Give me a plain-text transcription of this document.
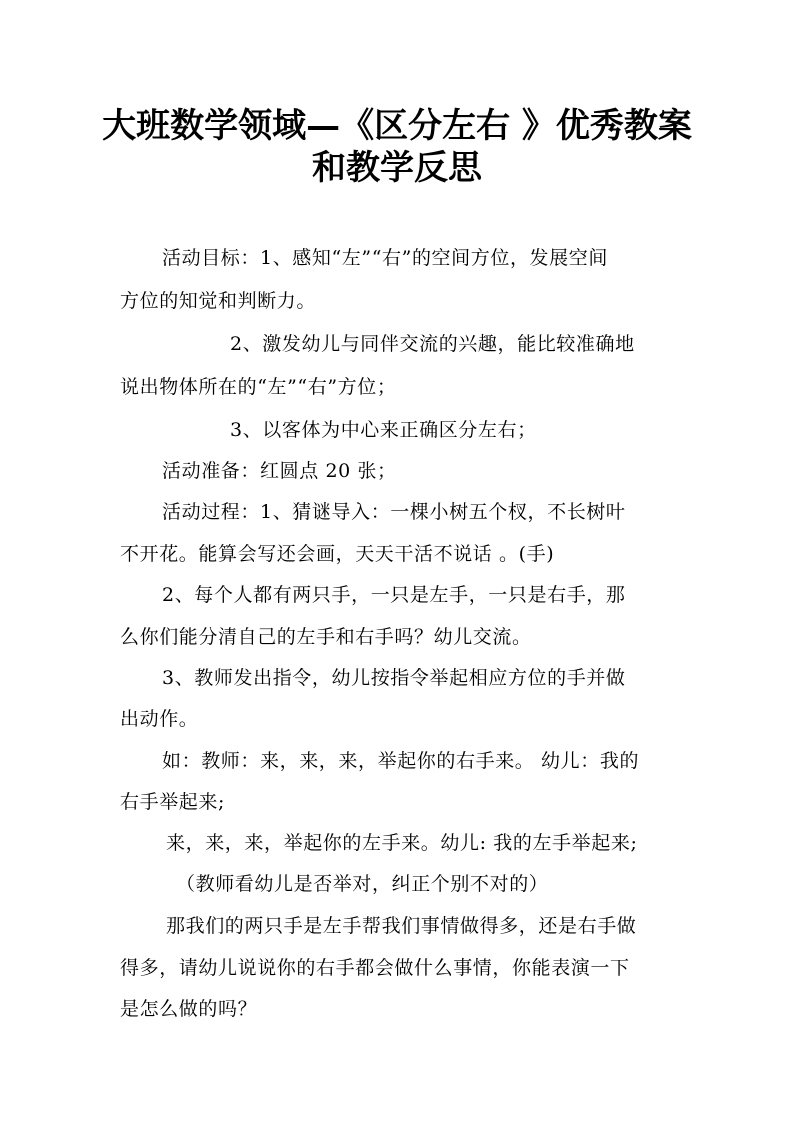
大班数学领域—《区分左右 》优秀教案
和教学反思
活动目标：1、感知“左”“右”的空间方位，发展空间
方位的知觉和判断力。
2、激发幼儿与同伴交流的兴趣，能比较准确地
说出物体所在的“左”“右”方位；
3、以客体为中心来正确区分左右；
活动准备：红圆点 20 张；
活动过程：1、猜谜导入：一棵小树五个杈，不长树叶
不开花。能算会写还会画，天天干活不说话 。(手)
2、每个人都有两只手，一只是左手，一只是右手，那
么你们能分清自己的左手和右手吗？幼儿交流。
3、教师发出指令，幼儿按指令举起相应方位的手并做
出动作。
如：教师：来，来，来，举起你的右手来。 幼儿：我的
右手举起来;
来，来，来，举起你的左手来。幼儿: 我的左手举起来;
（教师看幼儿是否举对，纠正个别不对的）
那我们的两只手是左手帮我们事情做得多，还是右手做
得多，请幼儿说说你的右手都会做什么事情，你能表演一下
是怎么做的吗？
